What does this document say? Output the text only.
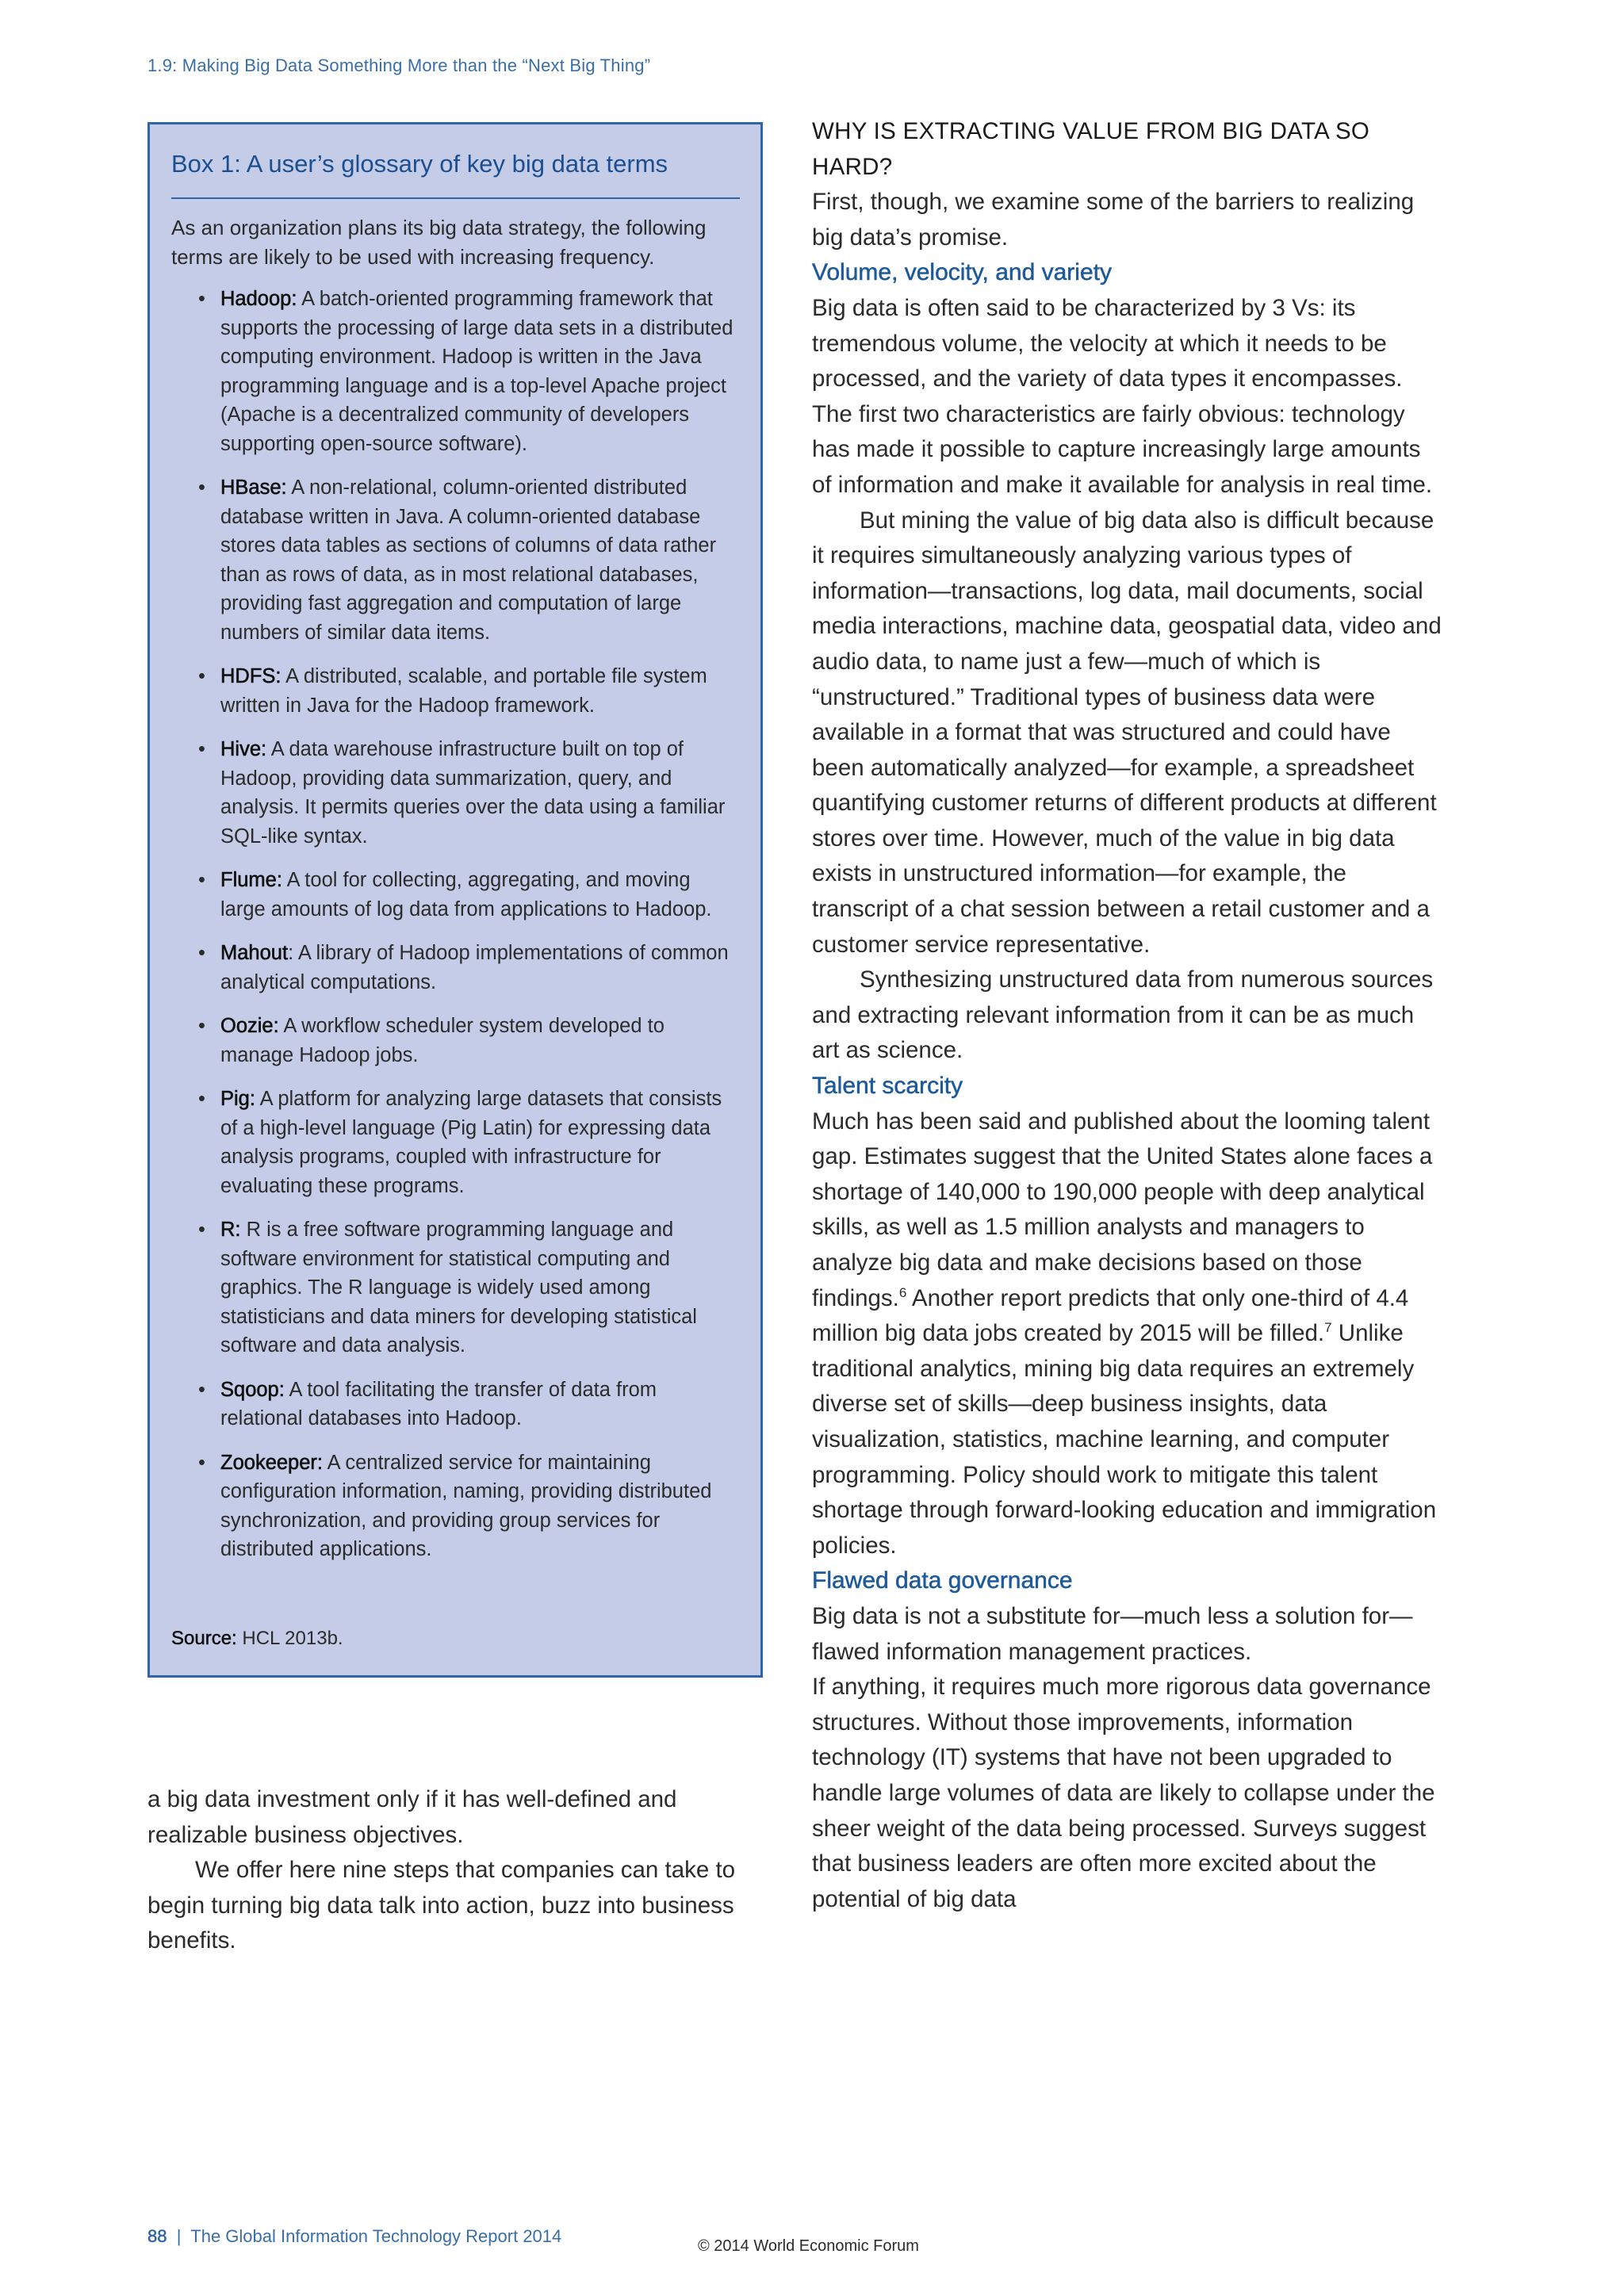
1.9: Making Big Data Something More than the “Next Big Thing”
Box 1: A user’s glossary of key big data terms

As an organization plans its big data strategy, the following terms are likely to be used with increasing frequency.

• Hadoop: A batch-oriented programming framework that supports the processing of large data sets in a distributed computing environment. Hadoop is written in the Java programming language and is a top-level Apache project (Apache is a decentralized community of developers supporting open-source software).
• HBase: A non-relational, column-oriented distributed database written in Java. A column-oriented database stores data tables as sections of columns of data rather than as rows of data, as in most relational databases, providing fast aggregation and computation of large numbers of similar data items.
• HDFS: A distributed, scalable, and portable file system written in Java for the Hadoop framework.
• Hive: A data warehouse infrastructure built on top of Hadoop, providing data summarization, query, and analysis. It permits queries over the data using a familiar SQL-like syntax.
• Flume: A tool for collecting, aggregating, and moving large amounts of log data from applications to Hadoop.
• Mahout: A library of Hadoop implementations of common analytical computations.
• Oozie: A workflow scheduler system developed to manage Hadoop jobs.
• Pig: A platform for analyzing large datasets that consists of a high-level language (Pig Latin) for expressing data analysis programs, coupled with infrastructure for evaluating these programs.
• R: R is a free software programming language and software environment for statistical computing and graphics. The R language is widely used among statisticians and data miners for developing statistical software and data analysis.
• Sqoop: A tool facilitating the transfer of data from relational databases into Hadoop.
• Zookeeper: A centralized service for maintaining configuration information, naming, providing distributed synchronization, and providing group services for distributed applications.
Source: HCL 2013b.

a big data investment only if it has well-defined and realizable business objectives.

We offer here nine steps that companies can take to begin turning big data talk into action, buzz into business benefits.

WHY IS EXTRACTING VALUE FROM BIG DATA SO HARD?

First, though, we examine some of the barriers to realizing big data’s promise.

Volume, velocity, and variety

Big data is often said to be characterized by 3 Vs: its tremendous volume, the velocity at which it needs to be processed, and the variety of data types it encompasses. The first two characteristics are fairly obvious: technology has made it possible to capture increasingly large amounts of information and make it available for analysis in real time.

But mining the value of big data also is difficult because it requires simultaneously analyzing various types of information—transactions, log data, mail documents, social media interactions, machine data, geospatial data, video and audio data, to name just a few—much of which is “unstructured.” Traditional types of business data were available in a format that was structured and could have been automatically analyzed—for example, a spreadsheet quantifying customer returns of different products at different stores over time. However, much of the value in big data exists in unstructured information—for example, the transcript of a chat session between a retail customer and a customer service representative.

Synthesizing unstructured data from numerous sources and extracting relevant information from it can be as much art as science.

Talent scarcity

Much has been said and published about the looming talent gap. Estimates suggest that the United States alone faces a shortage of 140,000 to 190,000 people with deep analytical skills, as well as 1.5 million analysts and managers to analyze big data and make decisions based on those findings.$^6$ Another report predicts that only one-third of 4.4 million big data jobs created by 2015 will be filled.$^7$ Unlike traditional analytics, mining big data requires an extremely diverse set of skills—deep business insights, data visualization, statistics, machine learning, and computer programming. Policy should work to mitigate this talent shortage through forward-looking education and immigration policies.

Flawed data governance

Big data is not a substitute for—much less a solution for—flawed information management practices.

If anything, it requires much more rigorous data governance structures. Without those improvements, information technology (IT) systems that have not been upgraded to handle large volumes of data are likely to collapse under the sheer weight of the data being processed. Surveys suggest that business leaders are often more excited about the potential of big data

88  |  The Global Information Technology Report 2014	© 2014 World Economic Forum
